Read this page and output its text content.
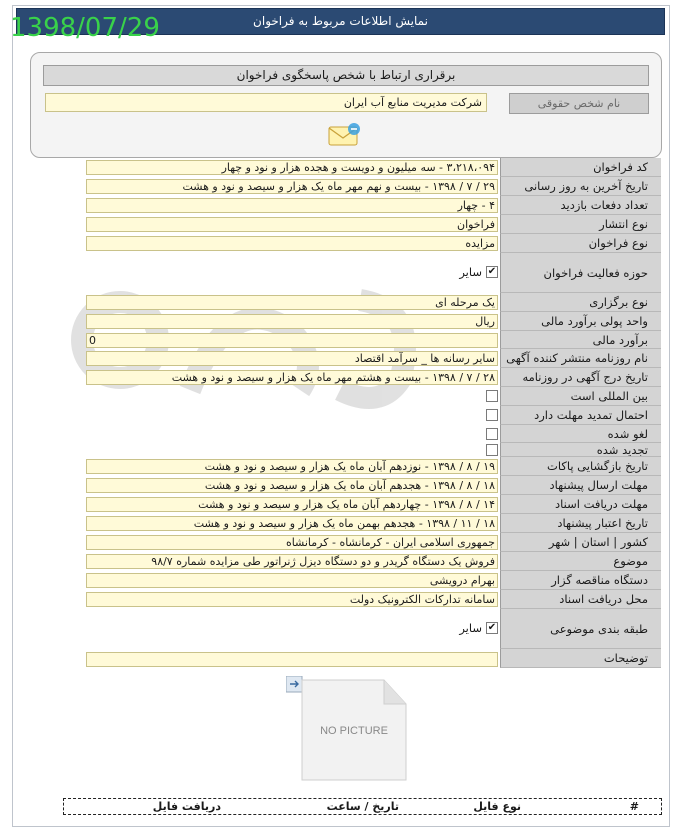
نمایش اطلاعات مربوط به فراخوان
1398/07/29
برقراری ارتباط با شخص پاسخگوی فراخوان
نام شخص حقوقی
شرکت مدیریت منابع آب ایران
کد فراخوان
۳،۲۱۸،۰۹۴ - سه میلیون و دویست و هجده هزار و نود و چهار
تاریخ آخرین به روز رسانی
۲۹ / ۷ / ۱۳۹۸ - بیست و نهم مهر ماه یک هزار و سیصد و نود و هشت
تعداد دفعات بازدید
۴ - چهار
نوع انتشار
فراخوان
نوع فراخوان
مزایده
حوزه فعالیت فراخوان
✔
سایر
نوع برگزاری
یک مرحله ای
واحد پولی برآورد مالی
ریال
برآورد مالی
0
نام روزنامه منتشر کننده آگهی
سایر رسانه ها _ سرآمد اقتصاد
تاریخ درج آگهی در روزنامه
۲۸ / ۷ / ۱۳۹۸ - بیست و هشتم مهر ماه یک هزار و سیصد و نود و هشت
بین المللی است
احتمال تمدید مهلت دارد
لغو شده
تجدید شده
تاریخ بازگشایی پاکات
۱۹ / ۸ / ۱۳۹۸ - نوزدهم آبان ماه یک هزار و سیصد و نود و هشت
مهلت ارسال پیشنهاد
۱۸ / ۸ / ۱۳۹۸ - هجدهم آبان ماه یک هزار و سیصد و نود و هشت
مهلت دریافت اسناد
۱۴ / ۸ / ۱۳۹۸ - چهاردهم آبان ماه یک هزار و سیصد و نود و هشت
تاریخ اعتبار پیشنهاد
۱۸ / ۱۱ / ۱۳۹۸ - هجدهم بهمن ماه یک هزار و سیصد و نود و هشت
کشور | استان | شهر
جمهوری اسلامی ایران - کرمانشاه - کرمانشاه
موضوع
فروش یک دستگاه گریدر و دو دستگاه دیزل ژنراتور طی مزایده شماره ۹۸/۷
دستگاه مناقصه گزار
بهرام درویشی
محل دریافت اسناد
سامانه تدارکات الکترونیک دولت
طبقه بندی موضوعی
✔
سایر
توضیحات
NO PICTURE
#
نوع فایل
تاریخ / ساعت
دریافت فایل
